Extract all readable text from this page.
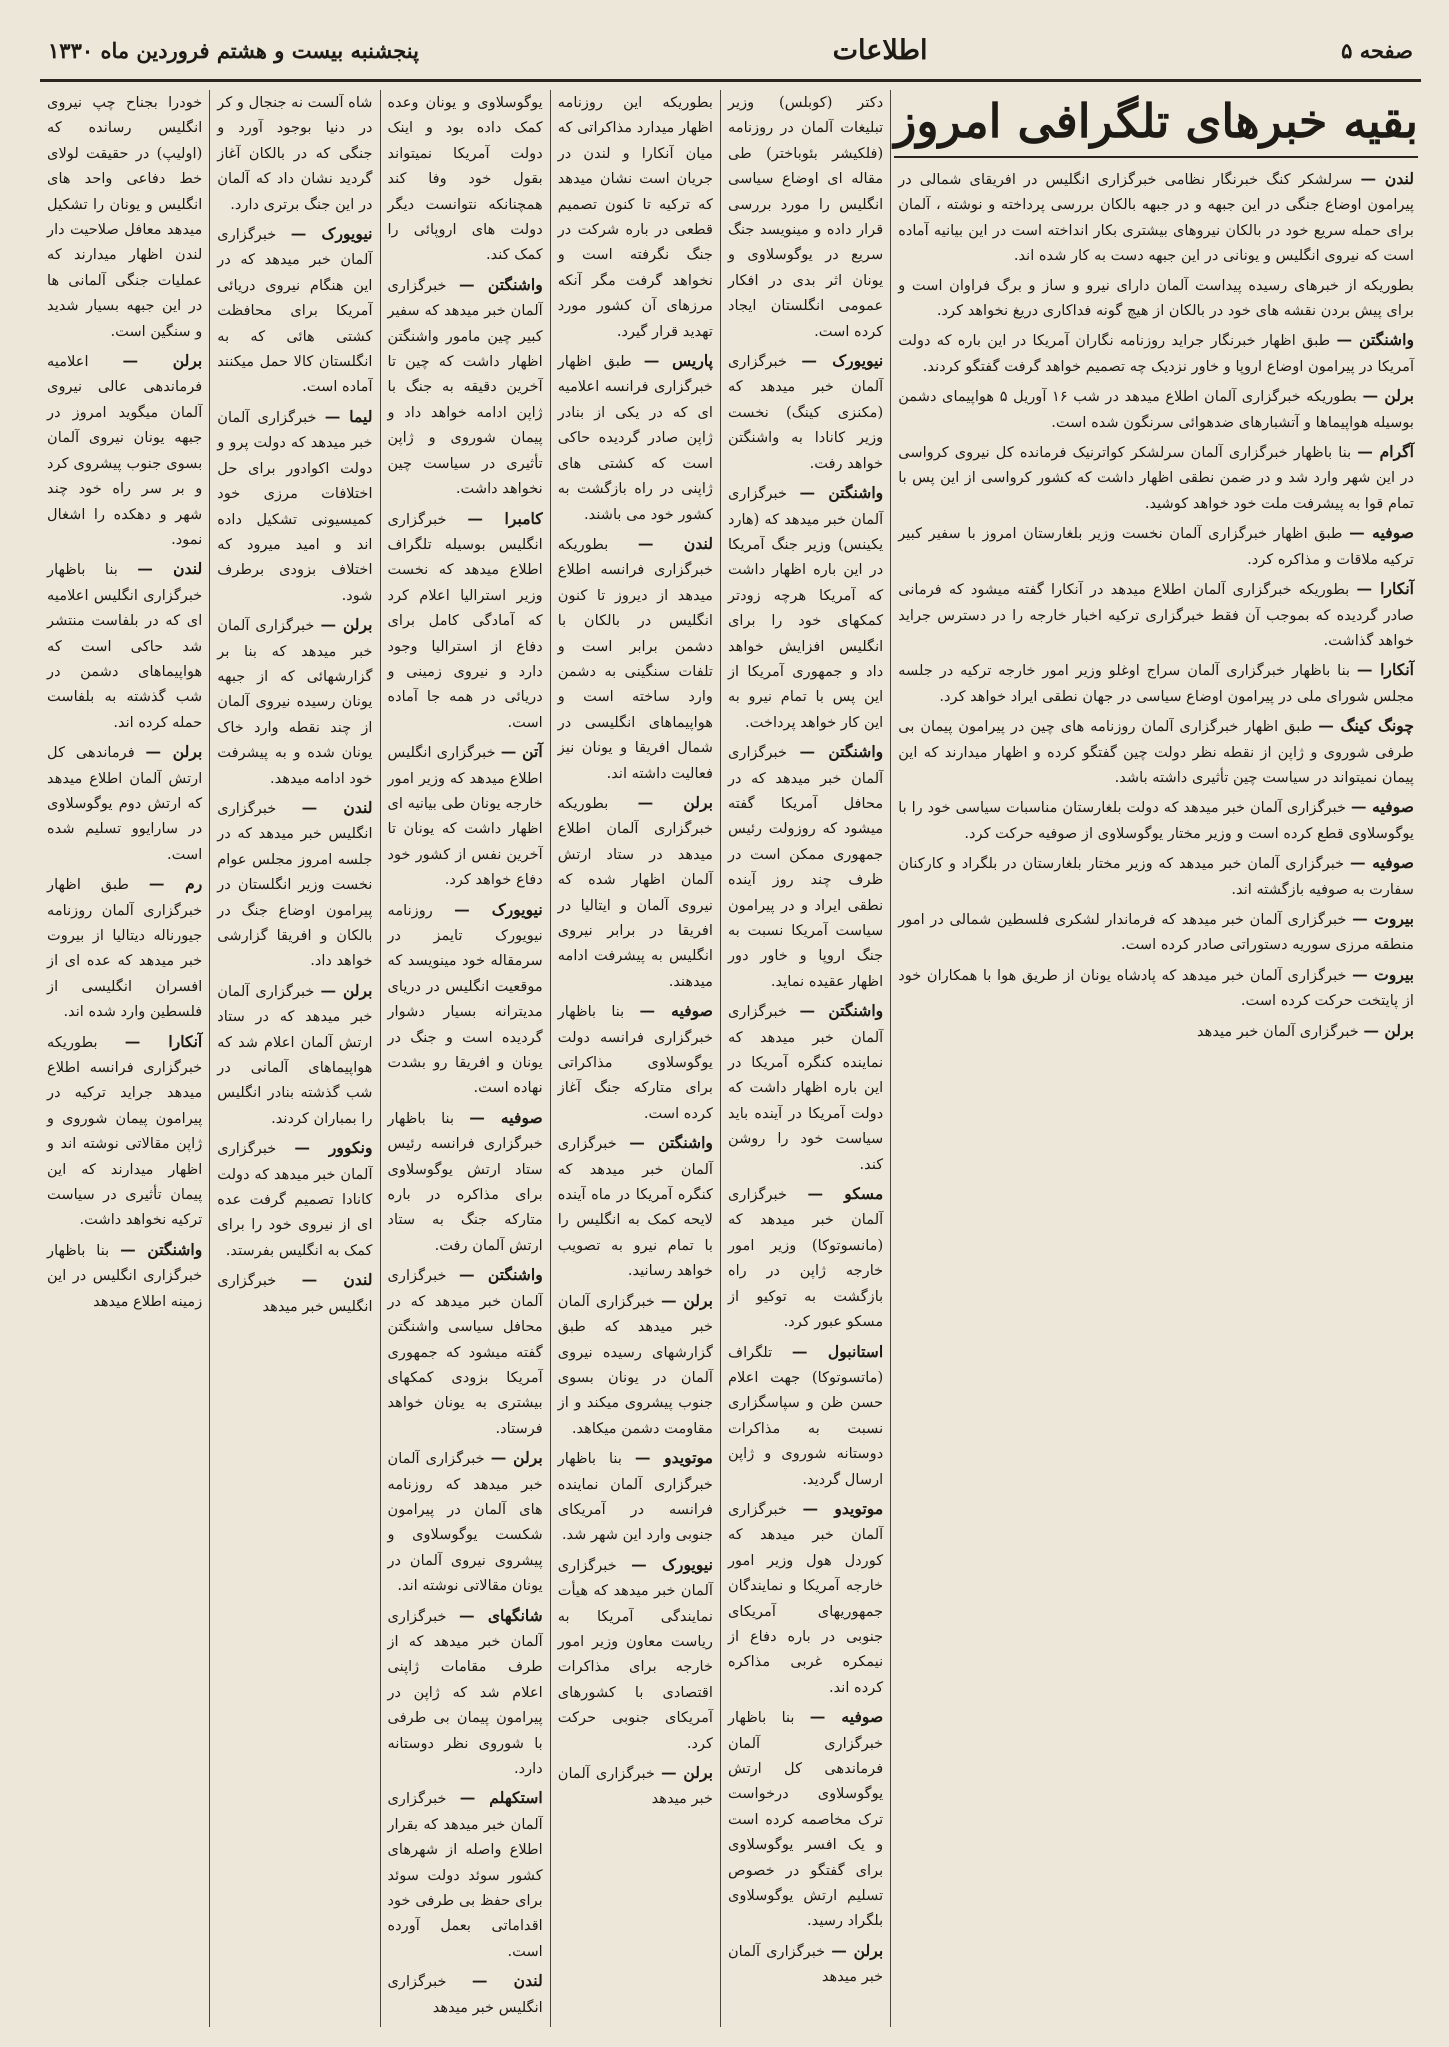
صفحه ۵
اطلاعات
پنجشنبه بیست و هشتم فروردین ماه ۱۳۳۰
بقیه خبرهای تلگرافی امروز
لندن —

سرلشکر کنگ خبرنگار نظامی خبرگزاری انگلیس در افریقای شمالی در پیرامون اوضاع جنگی در این جبهه و در جبهه بالکان بررسی پرداخته و نوشته ، آلمان برای حمله سریع خود در بالکان نیروهای بیشتری بکار انداخته است در این بیانیه آماده است که نیروی انگلیس و یونانی در این جبهه دست به کار شده اند.

بطوریکه از خبرهای رسیده پیداست آلمان دارای نیرو و ساز و برگ فراوان است و برای پیش بردن نقشه های خود در بالکان از هیچ گونه فداکاری دریغ نخواهد کرد.

واشنگتن —

طبق اظهار خبرنگار جراید روزنامه نگاران آمریکا در این باره که دولت آمریکا در پیرامون اوضاع اروپا و خاور نزدیک چه تصمیم خواهد گرفت گفتگو کردند.

برلن —

بطوریکه خبرگزاری آلمان اطلاع میدهد در شب ۱۶ آوریل ۵ هواپیمای دشمن بوسیله هواپیماها و آتشبارهای ضدهوائی سرنگون شده است.

آگرام —

بنا باظهار خبرگزاری آلمان سرلشکر کواترنیک فرمانده کل نیروی کرواسی در این شهر وارد شد و در ضمن نطقی اظهار داشت که کشور کرواسی از این پس با تمام قوا به پیشرفت ملت خود خواهد کوشید.

صوفیه —

طبق اظهار خبرگزاری آلمان نخست وزیر بلغارستان امروز با سفیر کبیر ترکیه ملاقات و مذاکره کرد.

آنکارا —

بطوریکه خبرگزاری آلمان اطلاع میدهد در آنکارا گفته میشود که فرمانی صادر گردیده که بموجب آن فقط خبرگزاری ترکیه اخبار خارجه را در دسترس جراید خواهد گذاشت.

آنکارا —

بنا باظهار خبرگزاری آلمان سراج اوغلو وزیر امور خارجه ترکیه در جلسه مجلس شورای ملی در پیرامون اوضاع سیاسی در جهان نطقی ایراد خواهد کرد.

چونگ کینگ —

طبق اظهار خبرگزاری آلمان روزنامه های چین در پیرامون پیمان بی طرفی شوروی و ژاپن از نقطه نظر دولت چین گفتگو کرده و اظهار میدارند که این پیمان نمیتواند در سیاست چین تأثیری داشته باشد.

صوفیه —

خبرگزاری آلمان خبر میدهد که دولت بلغارستان مناسبات سیاسی خود را با یوگوسلاوی قطع کرده است و وزیر مختار یوگوسلاوی از صوفیه حرکت کرد.

صوفیه —

خبرگزاری آلمان خبر میدهد که وزیر مختار بلغارستان در بلگراد و کارکنان سفارت به صوفیه بازگشته اند.

بیروت —

خبرگزاری آلمان خبر میدهد که فرماندار لشکری فلسطین شمالی در امور منطقه مرزی سوریه دستوراتی صادر کرده است.

بیروت —

خبرگزاری آلمان خبر میدهد که پادشاه یونان از طریق هوا با همکاران خود از پایتخت حرکت کرده است.

برلن —

خبرگزاری آلمان خبر میدهد

دکتر (کوبلس) وزیر تبلیغات آلمان در روزنامه (فلکیشر بئوباختر) طی مقاله ای اوضاع سیاسی انگلیس را مورد بررسی قرار داده و مینویسد جنگ سریع در یوگوسلاوی و یونان اثر بدی در افکار عمومی انگلستان ایجاد کرده است.

نیویورک —

خبرگزاری آلمان خبر میدهد که (مکنزی کینگ) نخست وزیر کانادا به واشنگتن خواهد رفت.

واشنگتن —

خبرگزاری آلمان خبر میدهد که (هارد یکینس) وزیر جنگ آمریکا در این باره اظهار داشت که آمریکا هرچه زودتر کمکهای خود را برای انگلیس افزایش خواهد داد و جمهوری آمریکا از این پس با تمام نیرو به این کار خواهد پرداخت.

واشنگتن —

خبرگزاری آلمان خبر میدهد که در محافل آمریکا گفته میشود که روزولت رئیس جمهوری ممکن است در ظرف چند روز آینده نطقی ایراد و در پیرامون سیاست آمریکا نسبت به جنگ اروپا و خاور دور اظهار عقیده نماید.

واشنگتن —

خبرگزاری آلمان خبر میدهد که نماینده کنگره آمریکا در این باره اظهار داشت که دولت آمریکا در آینده باید سیاست خود را روشن کند.

مسکو —

خبرگزاری آلمان خبر میدهد که (مانسوتوکا) وزیر امور خارجه ژاپن در راه بازگشت به توکیو از مسکو عبور کرد.

استانبول —

تلگراف (ماتسوتوکا) جهت اعلام حسن ظن و سپاسگزاری نسبت به مذاکرات دوستانه شوروی و ژاپن ارسال گردید.

موتویدو —

خبرگزاری آلمان خبر میدهد که کوردل هول وزیر امور خارجه آمریکا و نمایندگان جمهوریهای آمریکای جنوبی در باره دفاع از نیمکره غربی مذاکره کرده اند.

صوفیه —

بنا باظهار خبرگزاری آلمان فرماندهی کل ارتش یوگوسلاوی درخواست ترک مخاصمه کرده است و یک افسر یوگوسلاوی برای گفتگو در خصوص تسلیم ارتش یوگوسلاوی بلگراد رسید.

برلن —

خبرگزاری آلمان خبر میدهد

بطوریکه این روزنامه اظهار میدارد مذاکراتی که میان آنکارا و لندن در جریان است نشان میدهد که ترکیه تا کنون تصمیم قطعی در باره شرکت در جنگ نگرفته است و نخواهد گرفت مگر آنکه مرزهای آن کشور مورد تهدید قرار گیرد.

پاریس —

طبق اظهار خبرگزاری فرانسه اعلامیه ای که در یکی از بنادر ژاپن صادر گردیده حاکی است که کشتی های ژاپنی در راه بازگشت به کشور خود می باشند.

لندن —

بطوریکه خبرگزاری فرانسه اطلاع میدهد از دیروز تا کنون انگلیس در بالکان با دشمن برابر است و تلفات سنگینی به دشمن وارد ساخته است و هواپیماهای انگلیسی در شمال افریقا و یونان نیز فعالیت داشته اند.

برلن —

بطوریکه خبرگزاری آلمان اطلاع میدهد در ستاد ارتش آلمان اظهار شده که نیروی آلمان و ایتالیا در افریقا در برابر نیروی انگلیس به پیشرفت ادامه میدهند.

صوفیه —

بنا باظهار خبرگزاری فرانسه دولت یوگوسلاوی مذاکراتی برای متارکه جنگ آغاز کرده است.

واشنگتن —

خبرگزاری آلمان خبر میدهد که کنگره آمریکا در ماه آینده لایحه کمک به انگلیس را با تمام نیرو به تصویب خواهد رسانید.

برلن —

خبرگزاری آلمان خبر میدهد که طبق گزارشهای رسیده نیروی آلمان در یونان بسوی جنوب پیشروی میکند و از مقاومت دشمن میکاهد.

موتویدو —

بنا باظهار خبرگزاری آلمان نماینده فرانسه در آمریکای جنوبی وارد این شهر شد.

نیویورک —

خبرگزاری آلمان خبر میدهد که هیأت نمایندگی آمریکا به ریاست معاون وزیر امور خارجه برای مذاکرات اقتصادی با کشورهای آمریکای جنوبی حرکت کرد.

برلن —

خبرگزاری آلمان خبر میدهد

یوگوسلاوی و یونان وعده کمک داده بود و اینک دولت آمریکا نمیتواند بقول خود وفا کند همچنانکه نتوانست دیگر دولت های اروپائی را کمک کند.

واشنگتن —

خبرگزاری آلمان خبر میدهد که سفیر کبیر چین مامور واشنگتن اظهار داشت که چین تا آخرین دقیقه به جنگ با ژاپن ادامه خواهد داد و پیمان شوروی و ژاپن تأثیری در سیاست چین نخواهد داشت.

کامبرا —

خبرگزاری انگلیس بوسیله تلگراف اطلاع میدهد که نخست وزیر استرالیا اعلام کرد که آمادگی کامل برای دفاع از استرالیا وجود دارد و نیروی زمینی و دریائی در همه جا آماده است.

آتن —

خبرگزاری انگلیس اطلاع میدهد که وزیر امور خارجه یونان طی بیانیه ای اظهار داشت که یونان تا آخرین نفس از کشور خود دفاع خواهد کرد.

نیویورک —

روزنامه نیویورک تایمز در سرمقاله خود مینویسد که موقعیت انگلیس در دریای مدیترانه بسیار دشوار گردیده است و جنگ در یونان و افریقا رو بشدت نهاده است.

صوفیه —

بنا باظهار خبرگزاری فرانسه رئیس ستاد ارتش یوگوسلاوی برای مذاکره در باره متارکه جنگ به ستاد ارتش آلمان رفت.

واشنگتن —

خبرگزاری آلمان خبر میدهد که در محافل سیاسی واشنگتن گفته میشود که جمهوری آمریکا بزودی کمکهای بیشتری به یونان خواهد فرستاد.

برلن —

خبرگزاری آلمان خبر میدهد که روزنامه های آلمان در پیرامون شکست یوگوسلاوی و پیشروی نیروی آلمان در یونان مقالاتی نوشته اند.

شانگهای —

خبرگزاری آلمان خبر میدهد که از طرف مقامات ژاپنی اعلام شد که ژاپن در پیرامون پیمان بی طرفی با شوروی نظر دوستانه دارد.

استکهلم —

خبرگزاری آلمان خبر میدهد که بقرار اطلاع واصله از شهرهای کشور سوئد دولت سوئد برای حفظ بی طرفی خود اقداماتی بعمل آورده است.

لندن —

خبرگزاری انگلیس خبر میدهد

شاه آلست نه جنجال و کر در دنیا بوجود آورد و جنگی که در بالکان آغاز گردید نشان داد که آلمان در این جنگ برتری دارد.

نیویورک —

خبرگزاری آلمان خبر میدهد که در این هنگام نیروی دریائی آمریکا برای محافظت کشتی هائی که به انگلستان کالا حمل میکنند آماده است.

لیما —

خبرگزاری آلمان خبر میدهد که دولت پرو و دولت اکوادور برای حل اختلافات مرزی خود کمیسیونی تشکیل داده اند و امید میرود که اختلاف بزودی برطرف شود.

برلن —

خبرگزاری آلمان خبر میدهد که بنا بر گزارشهائی که از جبهه یونان رسیده نیروی آلمان از چند نقطه وارد خاک یونان شده و به پیشرفت خود ادامه میدهد.

لندن —

خبرگزاری انگلیس خبر میدهد که در جلسه امروز مجلس عوام نخست وزیر انگلستان در پیرامون اوضاع جنگ در بالکان و افریقا گزارشی خواهد داد.

برلن —

خبرگزاری آلمان خبر میدهد که در ستاد ارتش آلمان اعلام شد که هواپیماهای آلمانی در شب گذشته بنادر انگلیس را بمباران کردند.

ونکوور —

خبرگزاری آلمان خبر میدهد که دولت کانادا تصمیم گرفت عده ای از نیروی خود را برای کمک به انگلیس بفرستد.

لندن —

خبرگزاری انگلیس خبر میدهد

خودرا بجناح چپ نیروی انگلیس رسانده که (اولیپ) در حقیقت لولای خط دفاعی واحد های انگلیس و یونان را تشکیل میدهد معافل صلاحیت دار لندن اظهار میدارند که عملیات جنگی آلمانی ها در این جبهه بسیار شدید و سنگین است.

برلن —

اعلامیه فرماندهی عالی نیروی آلمان میگوید امروز در جبهه یونان نیروی آلمان بسوی جنوب پیشروی کرد و بر سر راه خود چند شهر و دهکده را اشغال نمود.

لندن —

بنا باظهار خبرگزاری انگلیس اعلامیه ای که در بلفاست منتشر شد حاکی است که هواپیماهای دشمن در شب گذشته به بلفاست حمله کرده اند.

برلن —

فرماندهی کل ارتش آلمان اطلاع میدهد که ارتش دوم یوگوسلاوی در سارایوو تسلیم شده است.

رم —

طبق اظهار خبرگزاری آلمان روزنامه جیورناله دیتالیا از بیروت خبر میدهد که عده ای از افسران انگلیسی از فلسطین وارد شده اند.

آنکارا —

بطوریکه خبرگزاری فرانسه اطلاع میدهد جراید ترکیه در پیرامون پیمان شوروی و ژاپن مقالاتی نوشته اند و اظهار میدارند که این پیمان تأثیری در سیاست ترکیه نخواهد داشت.

واشنگتن —

بنا باظهار خبرگزاری انگلیس در این زمینه اطلاع میدهد
